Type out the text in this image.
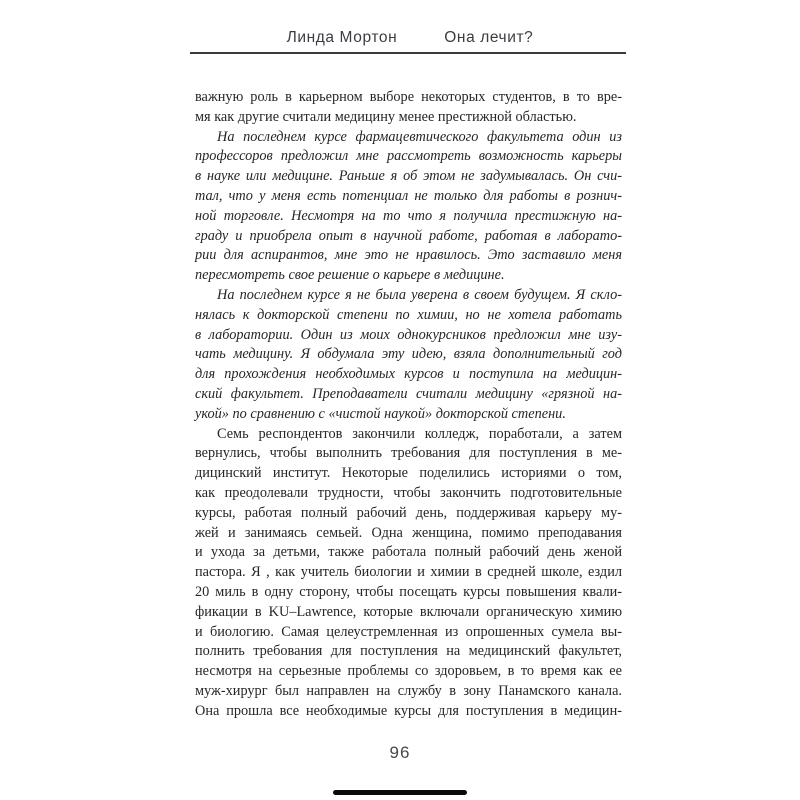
Линда Мортон	Она лечит?
важную роль в карьерном выборе некоторых студентов, в то вре-
мя как другие считали медицину менее престижной областью.
На последнем курсе фармацевтического факультета один из
профессоров предложил мне рассмотреть возможность карьеры
в науке или медицине. Раньше я об этом не задумывалась. Он счи-
тал, что у меня есть потенциал не только для работы в рознич-
ной торговле. Несмотря на то что я получила престижную на-
граду и приобрела опыт в научной работе, работая в лаборато-
рии для аспирантов, мне это не нравилось. Это заставило меня
пересмотреть свое решение о карьере в медицине.
На последнем курсе я не была уверена в своем будущем. Я скло-
нялась к докторской степени по химии, но не хотела работать
в лаборатории. Один из моих однокурсников предложил мне изу-
чать медицину. Я обдумала эту идею, взяла дополнительный год
для прохождения необходимых курсов и поступила на медицин-
ский факультет. Преподаватели считали медицину «грязной на-
укой» по сравнению с «чистой наукой» докторской степени.
Семь респондентов закончили колледж, поработали, а затем
вернулись, чтобы выполнить требования для поступления в ме-
дицинский институт. Некоторые поделились историями о том,
как преодолевали трудности, чтобы закончить подготовительные
курсы, работая полный рабочий день, поддерживая карьеру му-
жей и занимаясь семьей. Одна женщина, помимо преподавания
и ухода за детьми, также работала полный рабочий день женой
пастора. Я , как учитель биологии и химии в средней школе, ездил
20 миль в одну сторону, чтобы посещать курсы повышения квали-
фикации в KU–Lawrence, которые включали органическую химию
и биологию. Самая целеустремленная из опрошенных сумела вы-
полнить требования для поступления на медицинский факультет,
несмотря на серьезные проблемы со здоровьем, в то время как ее
муж-хирург был направлен на службу в зону Панамского канала.
Она прошла все необходимые курсы для поступления в медицин-
96
